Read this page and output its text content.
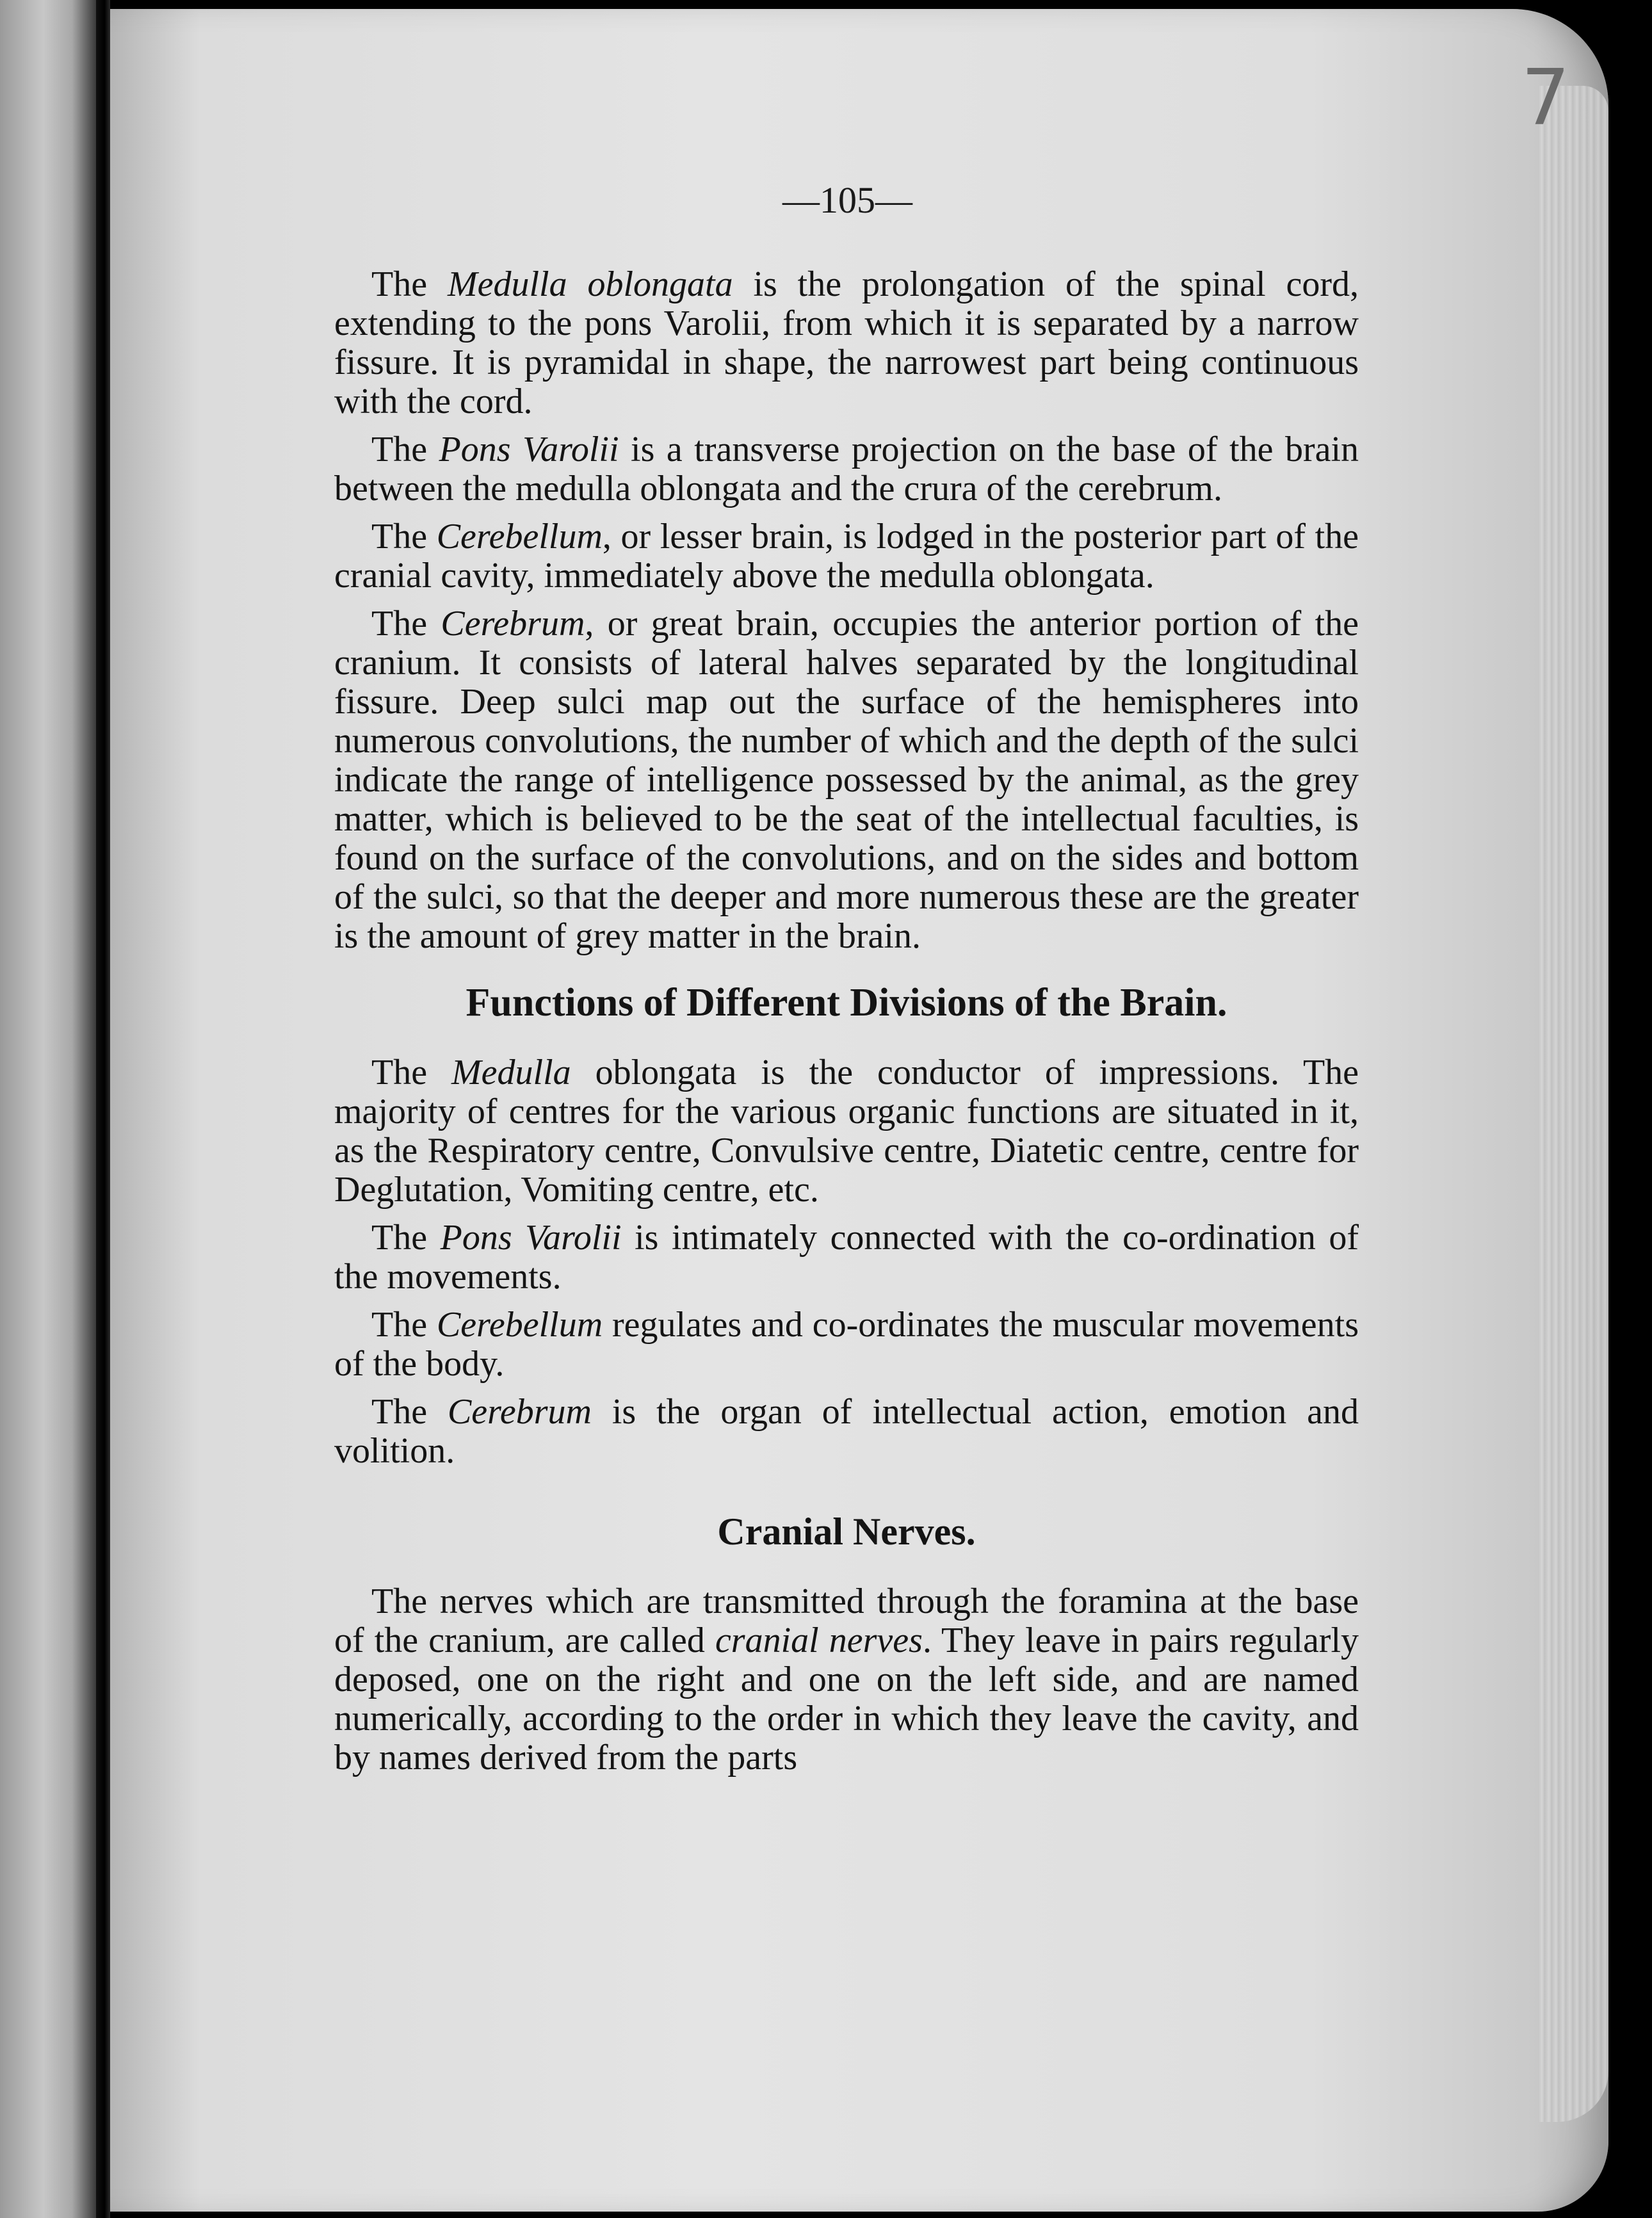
7
—105—

The Medulla oblongata is the prolongation of the spinal cord, extending to the pons Varolii, from which it is separated by a narrow fissure. It is pyramidal in shape, the narrowest part being continuous with the cord.

The Pons Varolii is a transverse projection on the base of the brain between the medulla oblongata and the crura of the cerebrum.

The Cerebellum, or lesser brain, is lodged in the posterior part of the cranial cavity, immediately above the medulla oblongata.

The Cerebrum, or great brain, occupies the anterior portion of the cranium. It consists of lateral halves separated by the longitudinal fissure. Deep sulci map out the surface of the hemispheres into numerous convolutions, the number of which and the depth of the sulci indicate the range of intelligence possessed by the animal, as the grey matter, which is believed to be the seat of the intellectual faculties, is found on the surface of the convolutions, and on the sides and bottom of the sulci, so that the deeper and more numerous these are the greater is the amount of grey matter in the brain.

Functions of Different Divisions of the Brain.

The Medulla oblongata is the conductor of impressions. The majority of centres for the various organic functions are situated in it, as the Respiratory centre, Convulsive centre, Diatetic centre, centre for Deglutation, Vomiting centre, etc.

The Pons Varolii is intimately connected with the co-ordination of the movements.

The Cerebellum regulates and co-ordinates the muscular movements of the body.

The Cerebrum is the organ of intellectual action, emotion and volition.

Cranial Nerves.

The nerves which are transmitted through the foramina at the base of the cranium, are called cranial nerves. They leave in pairs regularly deposed, one on the right and one on the left side, and are named numerically, according to the order in which they leave the cavity, and by names derived from the parts
